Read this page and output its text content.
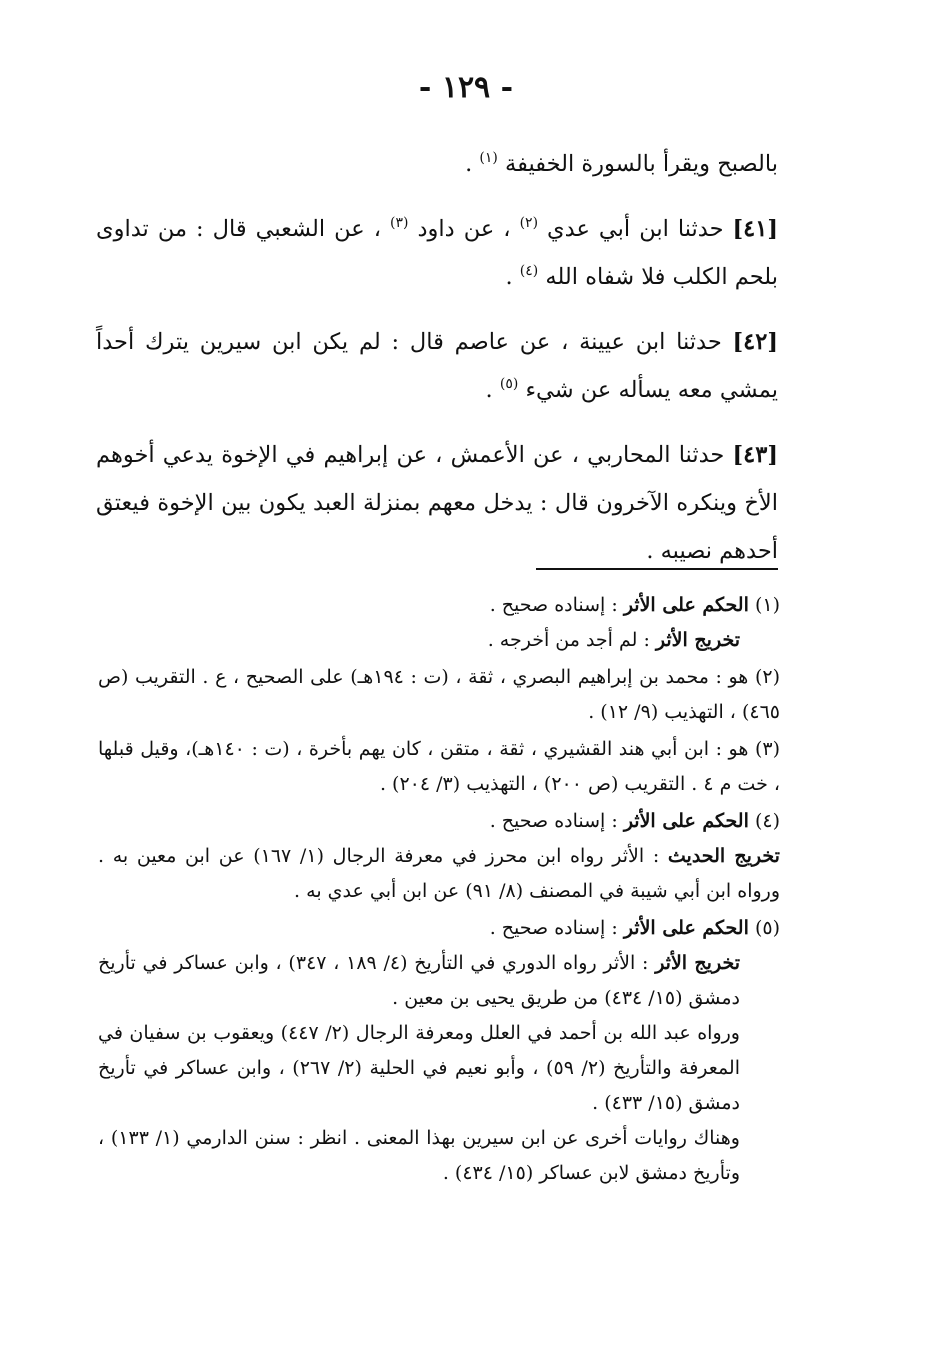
- ١٢٩ -

بالصبح ويقرأ بالسورة الخفيفة $^{(١)}$ .

[٤١] حدثنا ابن أبي عدي $^{(٢)}$ ، عن داود $^{(٣)}$ ، عن الشعبي قال : من تداوى بلحم الكلب فلا شفاه الله $^{(٤)}$ .

[٤٢] حدثنا ابن عيينة ، عن عاصم قال : لم يكن ابن سيرين يترك أحداً يمشي معه يسأله عن شيء $^{(٥)}$ .

[٤٣] حدثنا المحاربي ، عن الأعمش ، عن إبراهيم في الإخوة يدعي أخوهم الأخ وينكره الآخرون قال : يدخل معهم بمنزلة العبد يكون بين الإخوة فيعتق أحدهم نصيبه .

(١) الحكم على الأثر : إسناده صحيح .

تخريج الأثر : لم أجد من أخرجه .

(٢) هو : محمد بن إبراهيم البصري ، ثقة ، (ت : ١٩٤هـ) على الصحيح ، ع . التقريب (ص ٤٦٥) ، التهذيب (٩/ ١٢) .

(٣) هو : ابن أبي هند القشيري ، ثقة ، متقن ، كان يهم بأخرة ، (ت : ١٤٠هـ)، وقيل قبلها ، خت م ٤ . التقريب (ص ٢٠٠) ، التهذيب (٣/ ٢٠٤) .

(٤) الحكم على الأثر : إسناده صحيح .

تخريج الحديث : الأثر رواه ابن محرز في معرفة الرجال (١/ ١٦٧) عن ابن معين به . ورواه ابن أبي شيبة في المصنف (٨/ ٩١) عن ابن أبي عدي به .

(٥) الحكم على الأثر : إسناده صحيح .

تخريج الأثر : الأثر رواه الدوري في التأريخ (٤/ ١٨٩ ، ٣٤٧) ، وابن عساكر في تأريخ دمشق (١٥/ ٤٣٤) من طريق يحيى بن معين .

ورواه عبد الله بن أحمد في العلل ومعرفة الرجال (٢/ ٤٤٧) ويعقوب بن سفيان في المعرفة والتأريخ (٢/ ٥٩) ، وأبو نعيم في الحلية (٢/ ٢٦٧) ، وابن عساكر في تأريخ دمشق (١٥/ ٤٣٣) .

وهناك روايات أخرى عن ابن سيرين بهذا المعنى . انظر : سنن الدارمي (١/ ١٣٣) ، وتأريخ دمشق لابن عساكر (١٥/ ٤٣٤) .
